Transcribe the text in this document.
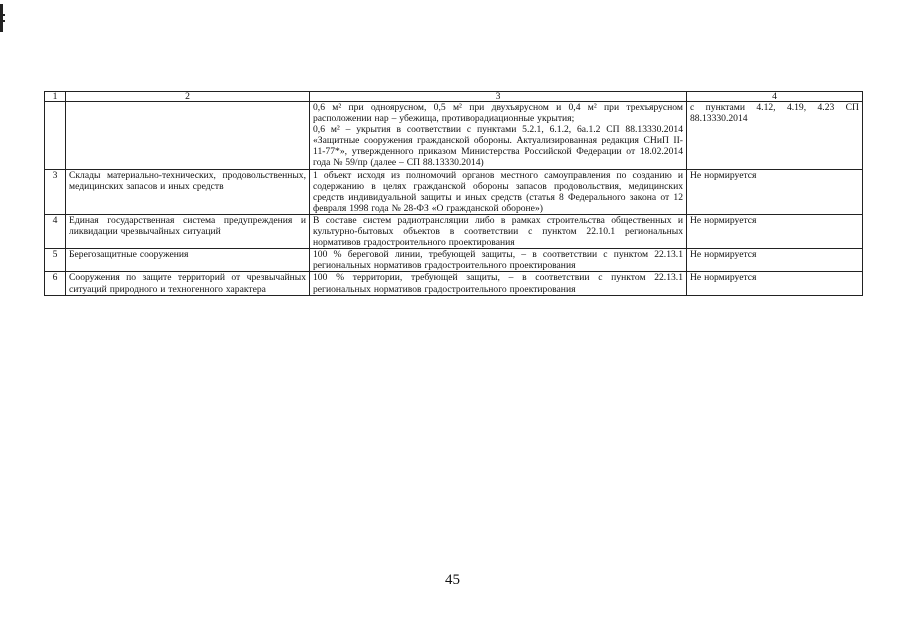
1	2	3	4

		0,6 м² при одноярусном, 0,5 м² при двухъярусном и 0,4 м² при трехъярусном расположении нар – убежища, противорадиационные укрытия;
0,6 м² – укрытия в соответствии с пунктами 5.2.1, 6.1.2, 6а.1.2 СП 88.13330.2014 «Защитные сооружения гражданской обороны. Актуализированная редакция СНиП II-11-77*», утвержденного приказом Министерства Российской Федерации от 18.02.2014 года № 59/пр (далее – СП 88.13330.2014)	с пунктами 4.12, 4.19, 4.23 СП 88.13330.2014
3	Склады материально-технических, продовольственных, медицинских запасов и иных средств	1 объект исходя из полномочий органов местного самоуправления по созданию и содержанию в целях гражданской обороны запасов продовольствия, медицинских средств индивидуальной защиты и иных средств (статья 8 Федерального закона от 12 февраля 1998 года № 28-ФЗ «О гражданской обороне»)	Не нормируется
4	Единая государственная система предупреждения и ликвидации чрезвычайных ситуаций	В составе систем радиотрансляции либо в рамках строительства общественных и культурно-бытовых объектов в соответствии с пунктом 22.10.1 региональных нормативов градостроительного проектирования	Не нормируется
5	Берегозащитные сооружения	100 % береговой линии, требующей защиты, – в соответствии с пунктом 22.13.1 региональных нормативов градостроительного проектирования	Не нормируется
6	Сооружения по защите территорий от чрезвычайных ситуаций природного и техногенного характера	100 % территории, требующей защиты, – в соответствии с пунктом 22.13.1 региональных нормативов градостроительного проектирования	Не нормируется
45
